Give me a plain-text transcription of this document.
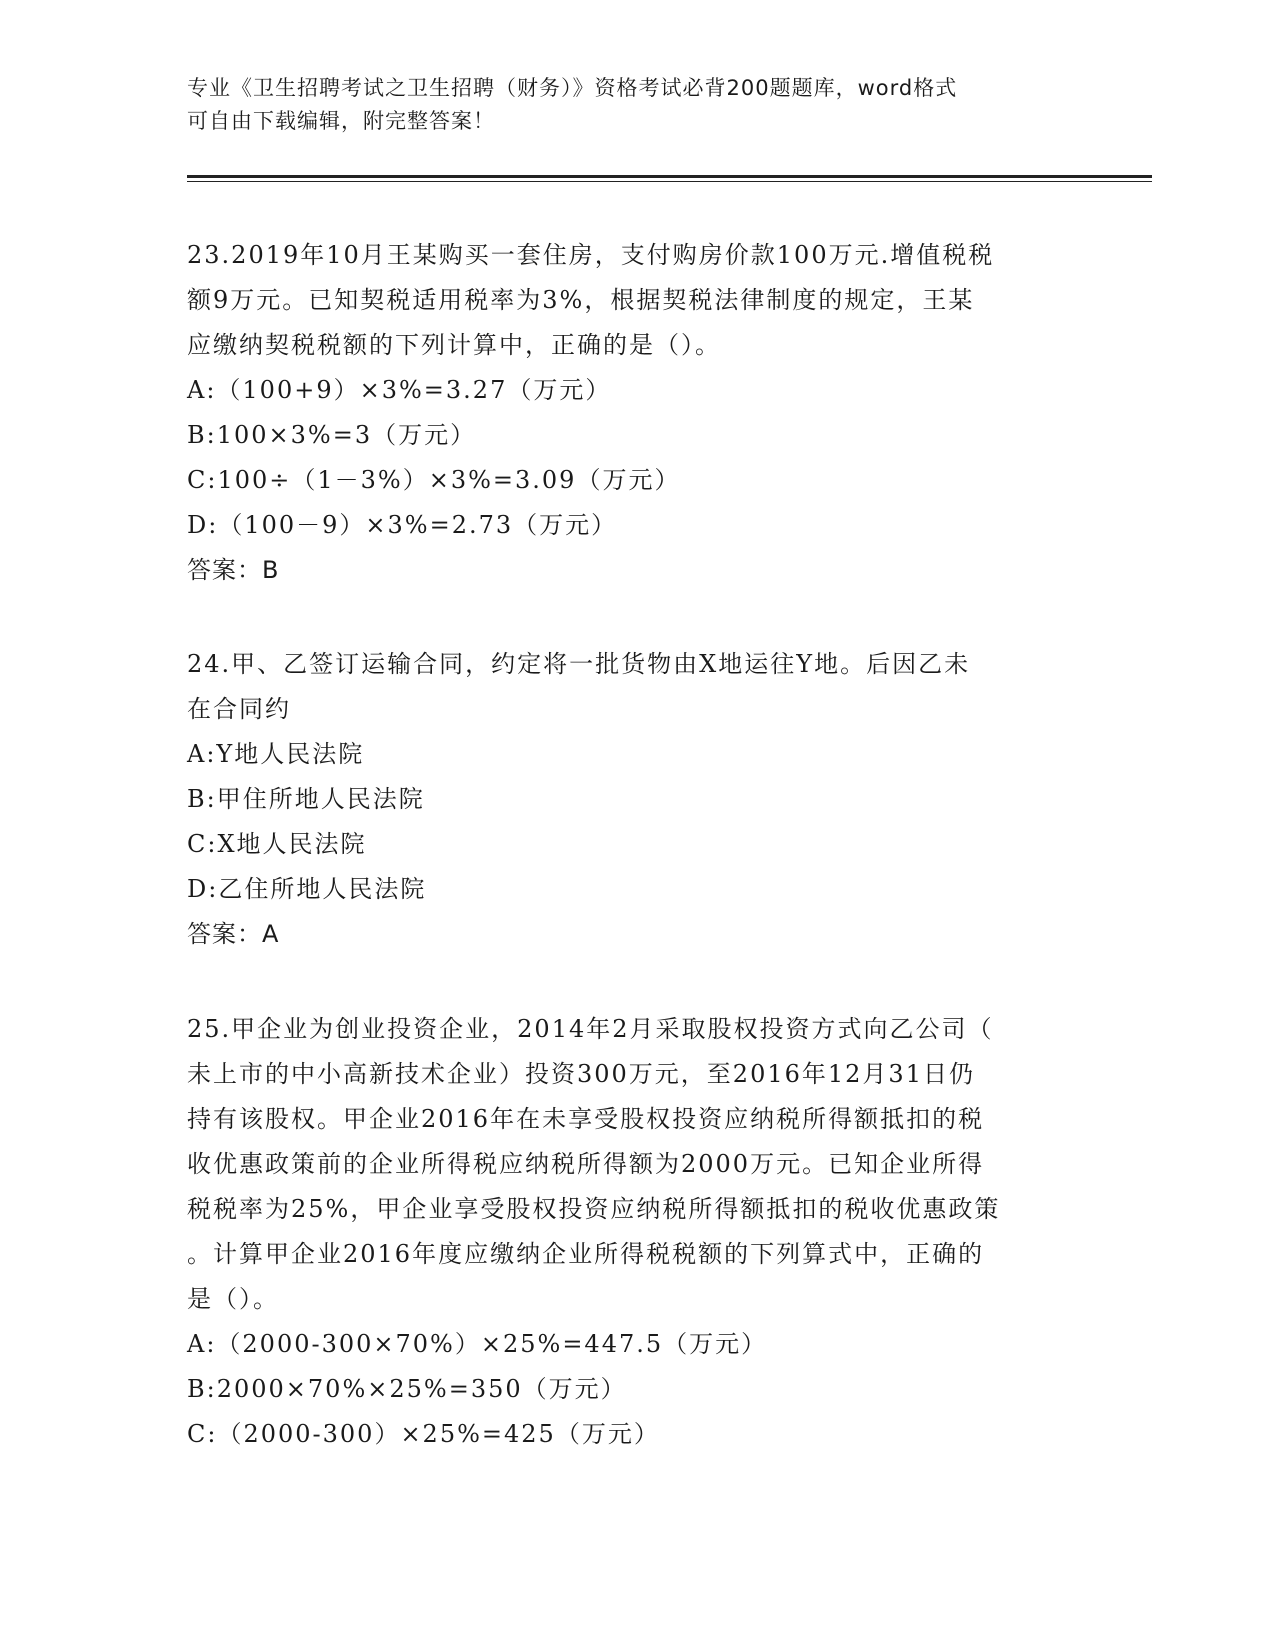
专业《卫生招聘考试之卫生招聘（财务）》资格考试必背200题题库，word格式
可自由下载编辑，附完整答案！
23.2019年10月王某购买一套住房，支付购房价款100万元.增值税税
额9万元。已知契税适用税率为3%，根据契税法律制度的规定，王某
应缴纳契税税额的下列计算中，正确的是（）。
A:（100+9）×3%=3.27（万元）
B:100×3%=3（万元）
C:100÷（1－3%）×3%=3.09（万元）
D:（100－9）×3%=2.73（万元）
答案：B
24.甲、乙签订运输合同，约定将一批货物由X地运往Y地。后因乙未
在合同约
A:Y地人民法院
B:甲住所地人民法院
C:X地人民法院
D:乙住所地人民法院
答案：A
25.甲企业为创业投资企业，2014年2月采取股权投资方式向乙公司（
未上市的中小高新技术企业）投资300万元，至2016年12月31日仍
持有该股权。甲企业2016年在未享受股权投资应纳税所得额抵扣的税
收优惠政策前的企业所得税应纳税所得额为2000万元。已知企业所得
税税率为25%，甲企业享受股权投资应纳税所得额抵扣的税收优惠政策
。计算甲企业2016年度应缴纳企业所得税税额的下列算式中，正确的
是（）。
A:（2000-300×70%）×25%=447.5（万元）
B:2000×70%×25%=350（万元）
C:（2000-300）×25%=425（万元）
